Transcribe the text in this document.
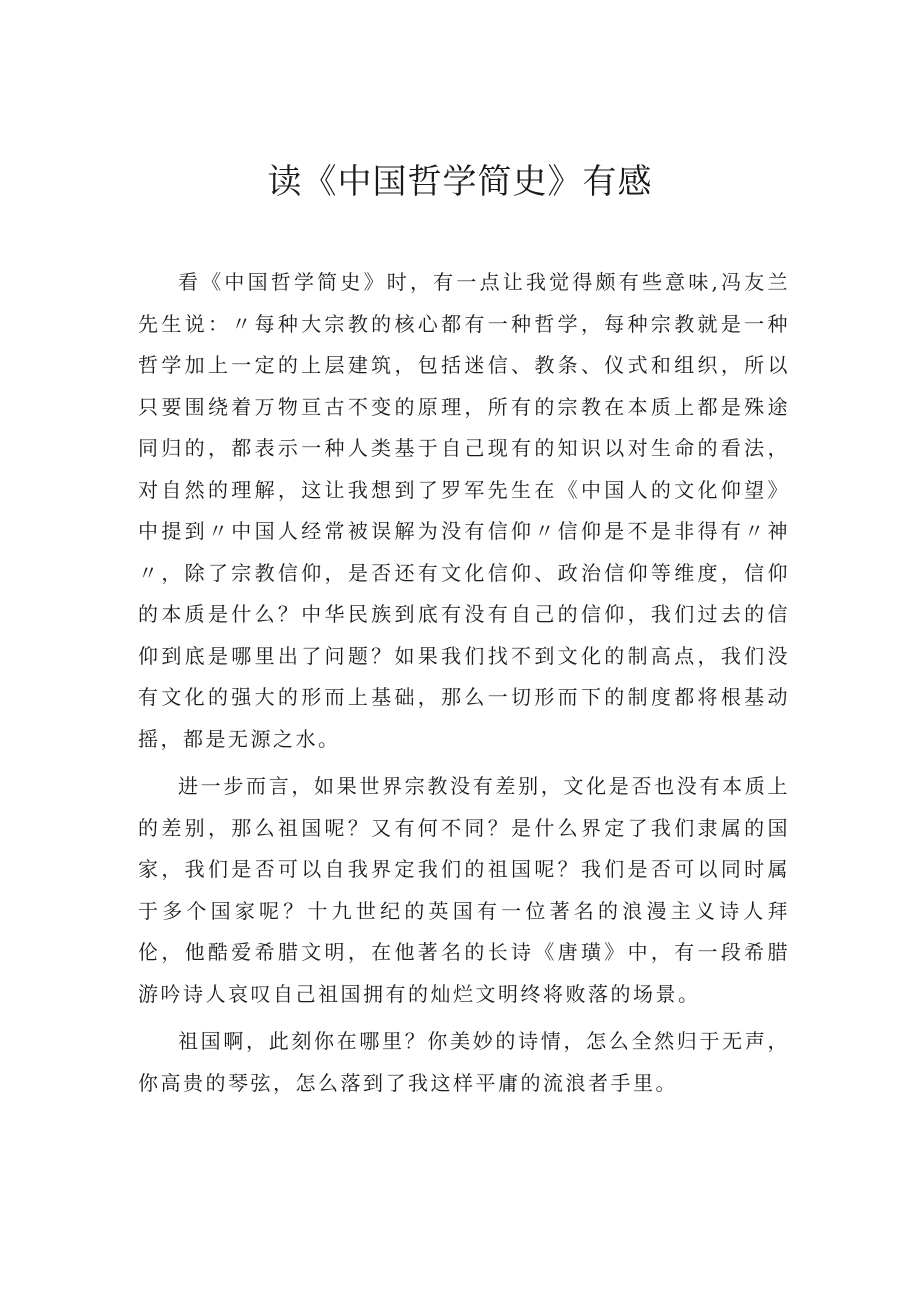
读《中国哲学简史》有感

看《中国哲学简史》时，有一点让我觉得颇有些意味,冯友兰先生说：〃每种大宗教的核心都有一种哲学，每种宗教就是一种哲学加上一定的上层建筑，包括迷信、教条、仪式和组织，所以只要围绕着万物亘古不变的原理，所有的宗教在本质上都是殊途同归的，都表示一种人类基于自己现有的知识以对生命的看法，对自然的理解，这让我想到了罗军先生在《中国人的文化仰望》中提到〃中国人经常被误解为没有信仰〃信仰是不是非得有〃神〃，除了宗教信仰，是否还有文化信仰、政治信仰等维度，信仰的本质是什么？中华民族到底有没有自己的信仰，我们过去的信仰到底是哪里出了问题？如果我们找不到文化的制高点，我们没有文化的强大的形而上基础，那么一切形而下的制度都将根基动摇，都是无源之水。

进一步而言，如果世界宗教没有差别，文化是否也没有本质上的差别，那么祖国呢？又有何不同？是什么界定了我们隶属的国家，我们是否可以自我界定我们的祖国呢？我们是否可以同时属于多个国家呢？十九世纪的英国有一位著名的浪漫主义诗人拜伦，他酷爱希腊文明，在他著名的长诗《唐璜》中，有一段希腊游吟诗人哀叹自己祖国拥有的灿烂文明终将败落的场景。

祖国啊，此刻你在哪里？你美妙的诗情，怎么全然归于无声，你高贵的琴弦，怎么落到了我这样平庸的流浪者手里。
